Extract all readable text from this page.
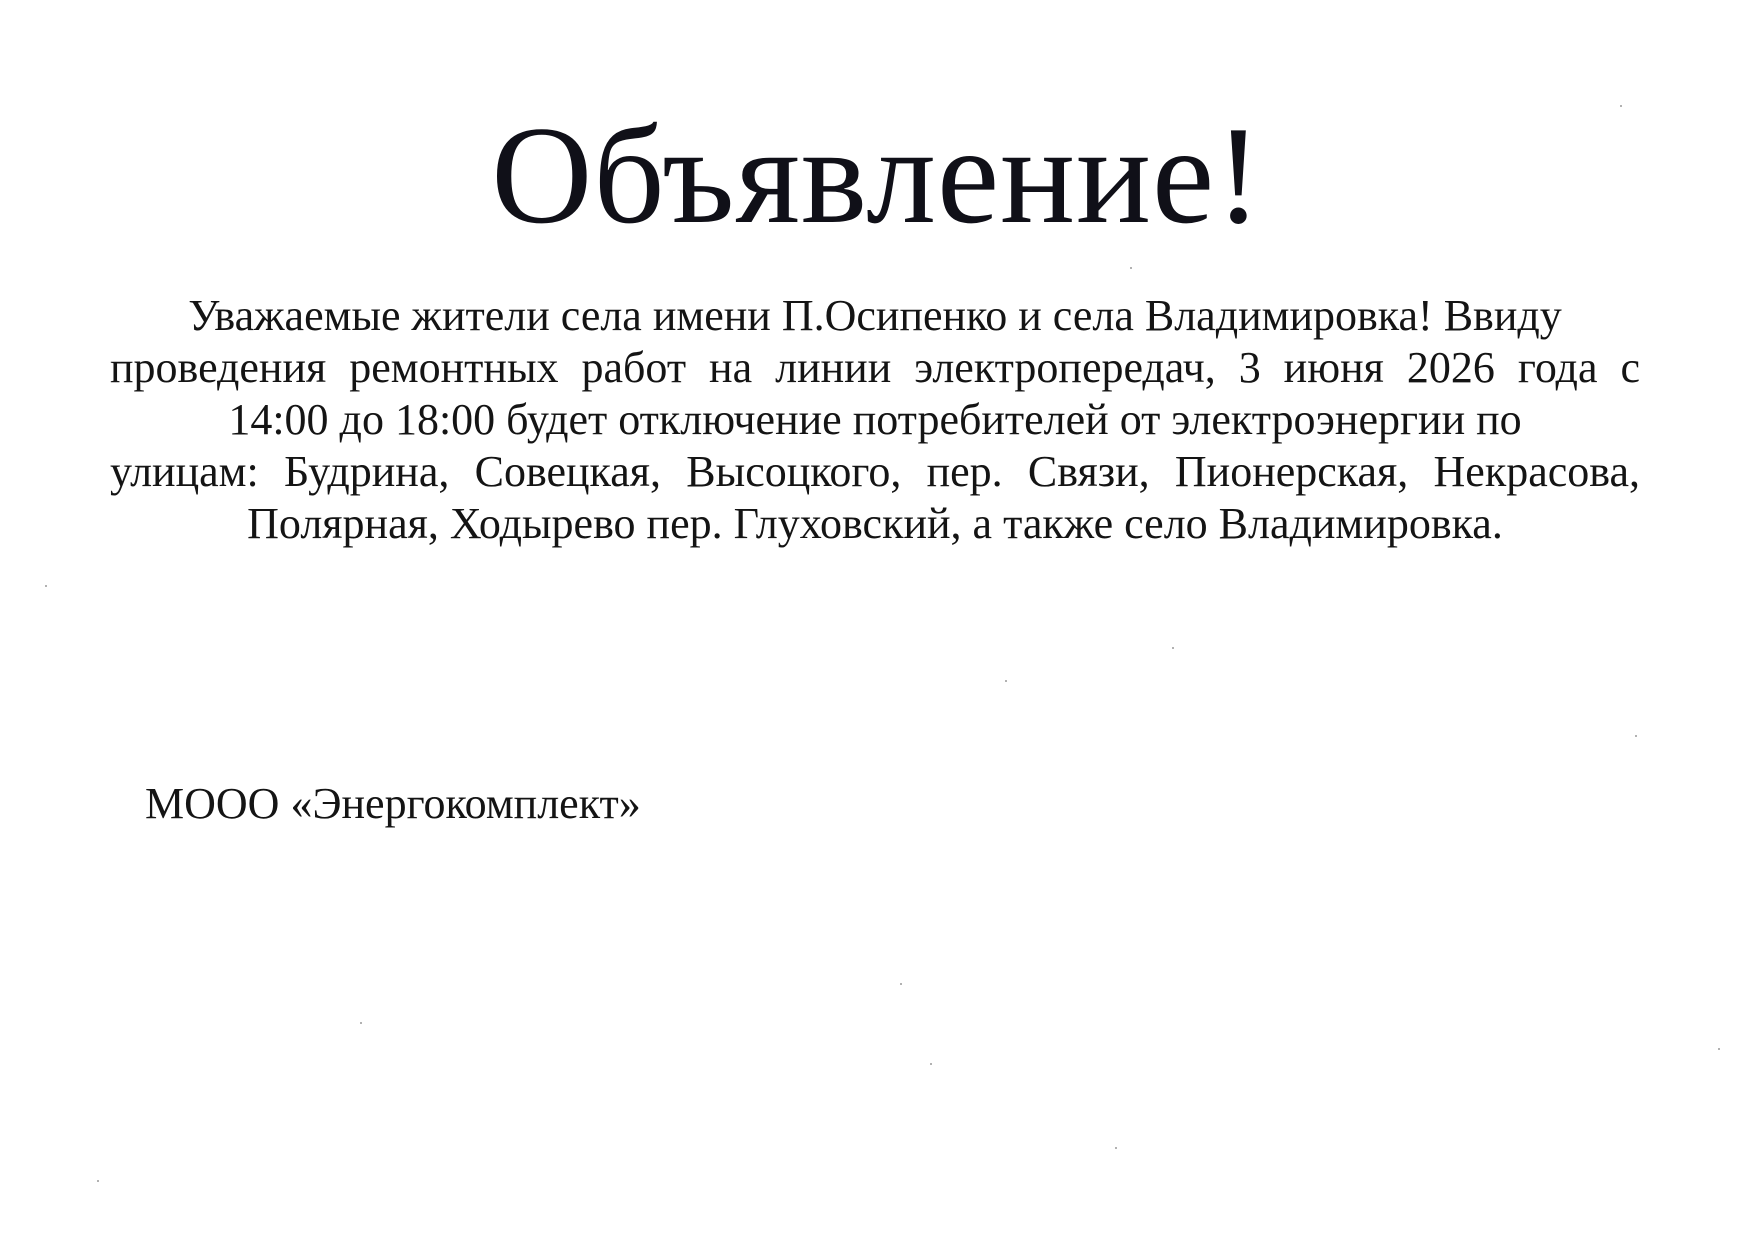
Объявление!
Уважаемые жители села имени П.Осипенко и села Владимировка! Ввиду
проведения ремонтных работ на линии электропередач, 3 июня 2026 года с
14:00 до 18:00 будет отключение потребителей от электроэнергии по
улицам: Будрина, Совецкая, Высоцкого, пер. Связи, Пионерская, Некрасова,
Полярная, Ходырево пер. Глуховский, а также село Владимировка.
МООО «Энергокомплект»
